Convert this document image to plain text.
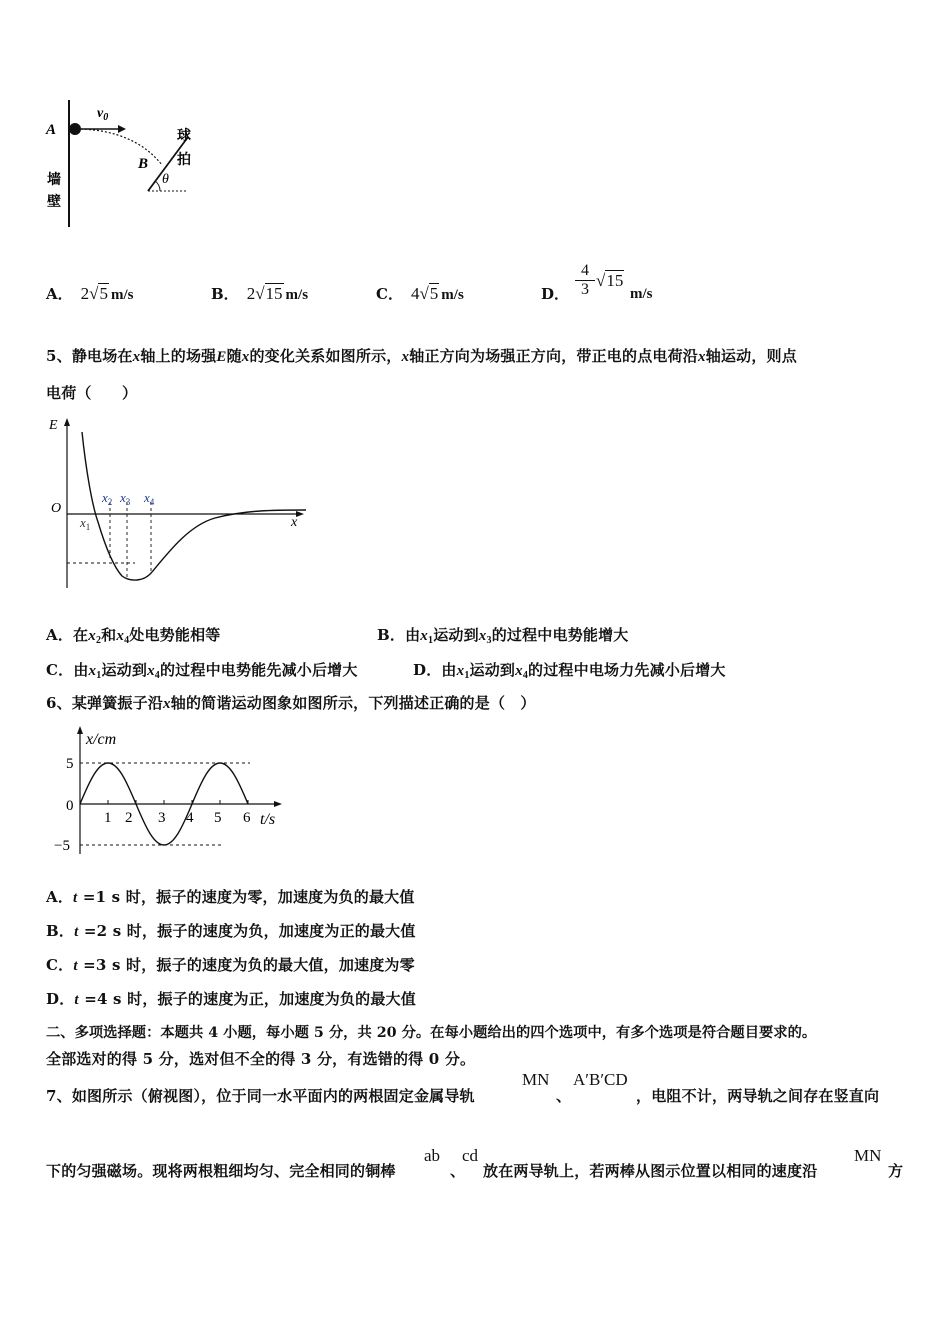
A
$v_0$
B
θ
球
拍
墙
壁
A． 2√5 m/s	B． 2√15 m/s	C． 4√5 m/s	D．
4
3 √15
m/s
5、静电场在x轴上的场强E随x的变化关系如图所示，x轴正方向为场强正方向，带正电的点电荷沿x轴运动，则点
电荷（　　）
E
O
x
$x_1$
$x_2$ $x_3$ $x_4$
A．在$x_2$和$x_4$处电势能相等	B．由$x_1$运动到$x_3$的过程中电势能增大
C．由$x_1$运动到$x_4$的过程中电势能先减小后增大	D．由$x_1$运动到$x_4$的过程中电场力先减小后增大
6、某弹簧振子沿x轴的简谐运动图象如图所示，下列描述正确的是（　）
x/cm
t/s
5
0
−5
1 2 3 4 5 6
A．t =1 s 时，振子的速度为零，加速度为负的最大值
B．t =2 s 时，振子的速度为负，加速度为正的最大值
C．t =3 s 时，振子的速度为负的最大值，加速度为零
D．t =4 s 时，振子的速度为正，加速度为负的最大值
二、多项选择题：本题共 4 小题，每小题 5 分，共 20 分。在每小题给出的四个选项中，有多个选项是符合题目要求的。
全部选对的得 5 分，选对但不全的得 3 分，有选错的得 0 分。
7、如图所示（俯视图），位于同一水平面内的两根固定金属导轨
MN
、
A′B′CD
，电阻不计，两导轨之间存在竖直向
下的匀强磁场。现将两根粗细均匀、完全相同的铜棒
ab
、
cd
放在两导轨上，若两棒从图示位置以相同的速度沿
MN
方
